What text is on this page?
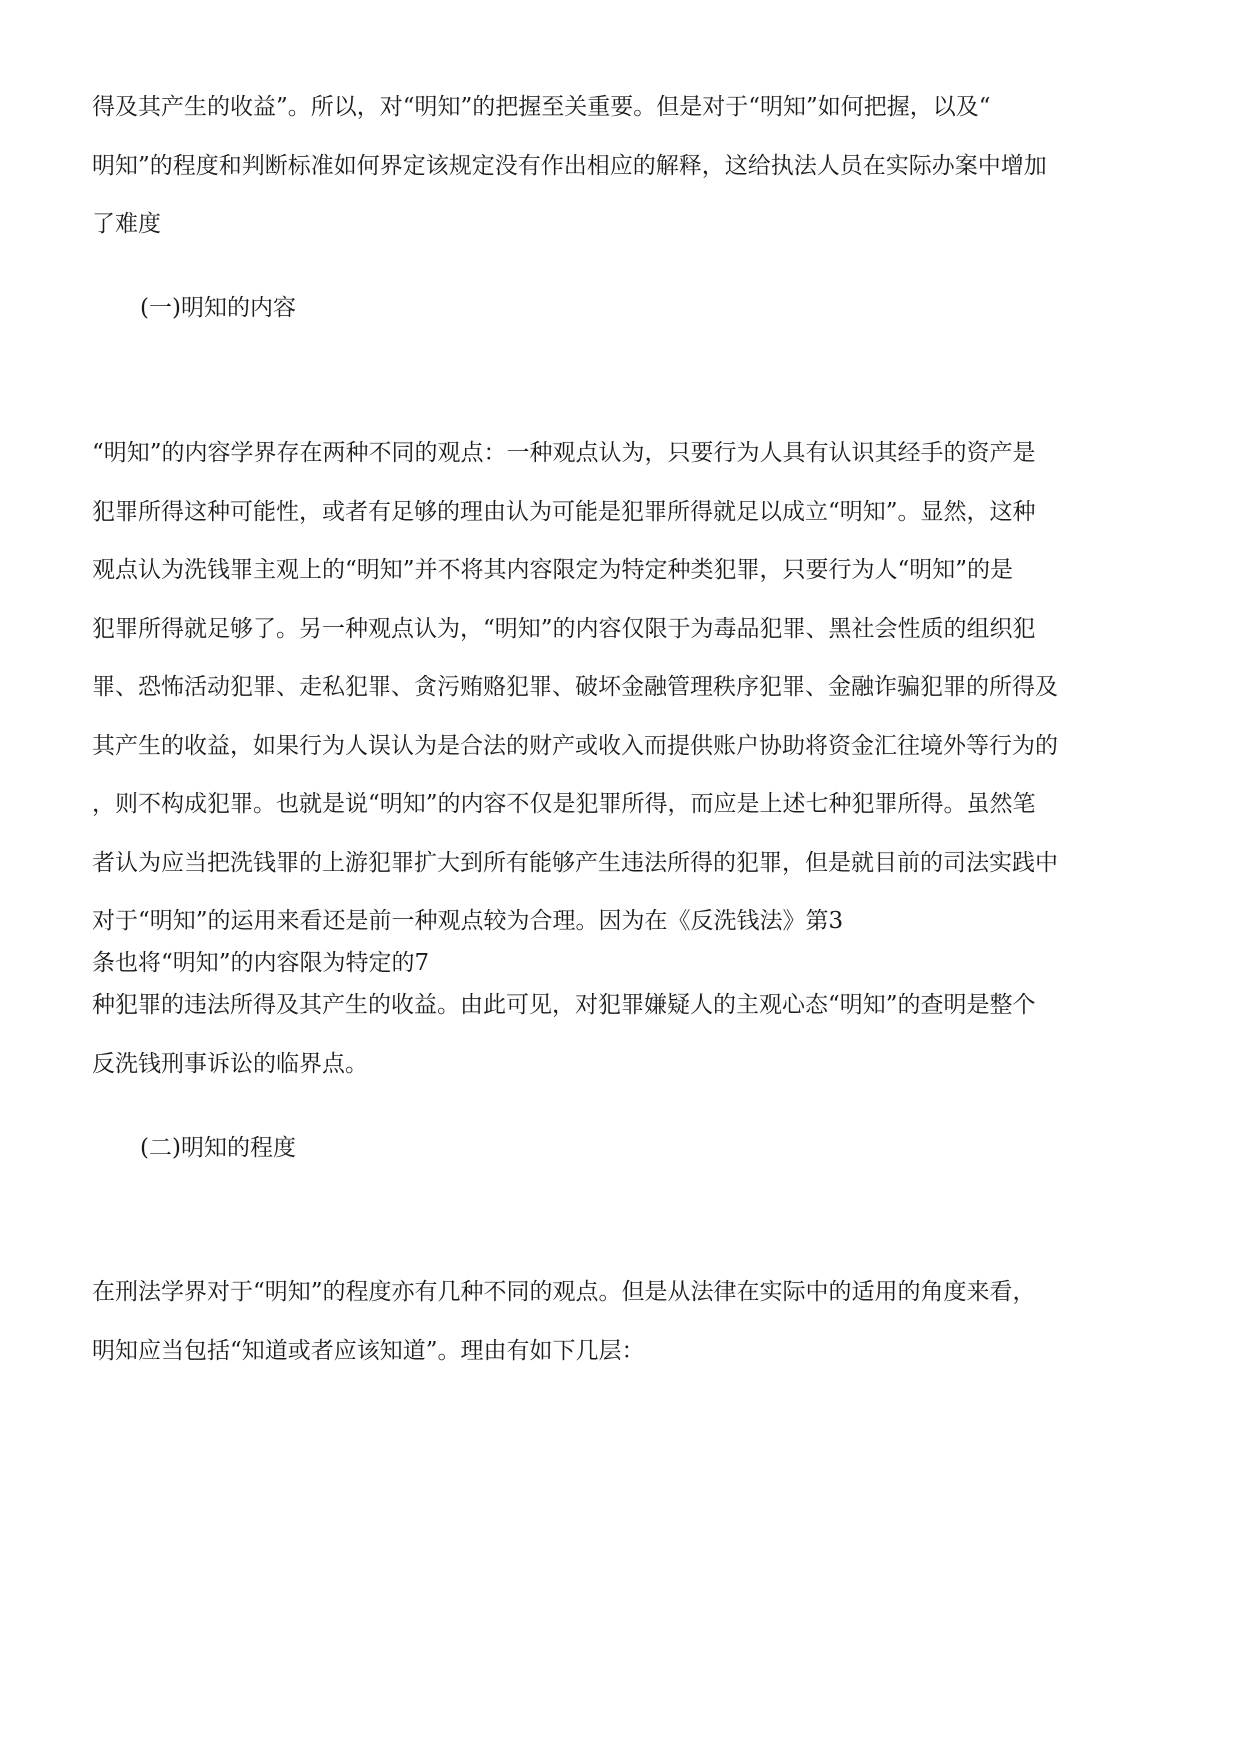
得及其产生的收益”。所以，对“明知”的把握至关重要。但是对于“明知”如何把握，以及“
明知”的程度和判断标准如何界定该规定没有作出相应的解释，这给执法人员在实际办案中增加
了难度
(一)明知的内容
“明知”的内容学界存在两种不同的观点：一种观点认为，只要行为人具有认识其经手的资产是
犯罪所得这种可能性，或者有足够的理由认为可能是犯罪所得就足以成立“明知”。显然，这种
观点认为洗钱罪主观上的“明知”并不将其内容限定为特定种类犯罪，只要行为人“明知”的是
犯罪所得就足够了。另一种观点认为，“明知”的内容仅限于为毒品犯罪、黑社会性质的组织犯
罪、恐怖活动犯罪、走私犯罪、贪污贿赂犯罪、破坏金融管理秩序犯罪、金融诈骗犯罪的所得及
其产生的收益，如果行为人误认为是合法的财产或收入而提供账户协助将资金汇往境外等行为的
，则不构成犯罪。也就是说“明知”的内容不仅是犯罪所得，而应是上述七种犯罪所得。虽然笔
者认为应当把洗钱罪的上游犯罪扩大到所有能够产生违法所得的犯罪，但是就目前的司法实践中
对于“明知”的运用来看还是前一种观点较为合理。因为在《反洗钱法》第3
条也将“明知”的内容限为特定的7
种犯罪的违法所得及其产生的收益。由此可见，对犯罪嫌疑人的主观心态“明知”的查明是整个
反洗钱刑事诉讼的临界点。
(二)明知的程度
在刑法学界对于“明知”的程度亦有几种不同的观点。但是从法律在实际中的适用的角度来看，
明知应当包括“知道或者应该知道”。理由有如下几层：
